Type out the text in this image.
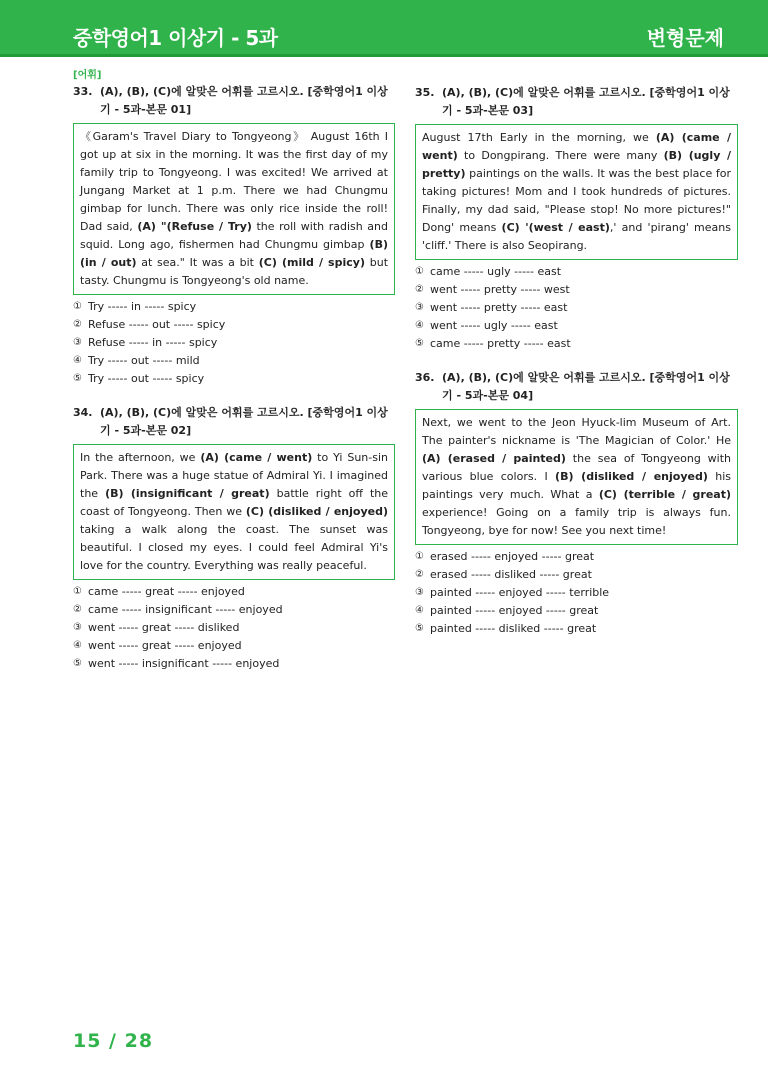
중학영어1 이상기 - 5과	변형문제
[어휘]
33. (A), (B), (C)에 알맞은 어휘를 고르시오. [중학영어1 이상기 - 5과-본문 01]
《Garam's Travel Diary to Tongyeong》 August 16th I got up at six in the morning. It was the first day of my family trip to Tongyeong. I was excited! We arrived at Jungang Market at 1 p.m. There we had Chungmu gimbap for lunch. There was only rice inside the roll! Dad said, (A) "(Refuse / Try) the roll with radish and squid. Long ago, fishermen had Chungmu gimbap (B) (in / out) at sea." It was a bit (C) (mild / spicy) but tasty. Chungmu is Tongyeong's old name.
① Try ----- in ----- spicy
② Refuse ----- out ----- spicy
③ Refuse ----- in ----- spicy
④ Try ----- out ----- mild
⑤ Try ----- out ----- spicy
34. (A), (B), (C)에 알맞은 어휘를 고르시오. [중학영어1 이상기 - 5과-본문 02]
In the afternoon, we (A) (came / went) to Yi Sun-sin Park. There was a huge statue of Admiral Yi. I imagined the (B) (insignificant / great) battle right off the coast of Tongyeong. Then we (C) (disliked / enjoyed) taking a walk along the coast. The sunset was beautiful. I closed my eyes. I could feel Admiral Yi's love for the country. Everything was really peaceful.
① came ----- great ----- enjoyed
② came ----- insignificant ----- enjoyed
③ went ----- great ----- disliked
④ went ----- great ----- enjoyed
⑤ went ----- insignificant ----- enjoyed
35. (A), (B), (C)에 알맞은 어휘를 고르시오. [중학영어1 이상기 - 5과-본문 03]
August 17th Early in the morning, we (A) (came / went) to Dongpirang. There were many (B) (ugly / pretty) paintings on the walls. It was the best place for taking pictures! Mom and I took hundreds of pictures. Finally, my dad said, "Please stop! No more pictures!" Dong' means (C) '(west / east),' and 'pirang' means 'cliff.' There is also Seopirang.
① came ----- ugly ----- east
② went ----- pretty ----- west
③ went ----- pretty ----- east
④ went ----- ugly ----- east
⑤ came ----- pretty ----- east
36. (A), (B), (C)에 알맞은 어휘를 고르시오. [중학영어1 이상기 - 5과-본문 04]
Next, we went to the Jeon Hyuck-lim Museum of Art. The painter's nickname is 'The Magician of Color.' He (A) (erased / painted) the sea of Tongyeong with various blue colors. I (B) (disliked / enjoyed) his paintings very much. What a (C) (terrible / great) experience! Going on a family trip is always fun. Tongyeong, bye for now! See you next time!
① erased ----- enjoyed ----- great
② erased ----- disliked ----- great
③ painted ----- enjoyed ----- terrible
④ painted ----- enjoyed ----- great
⑤ painted ----- disliked ----- great
15 / 28
